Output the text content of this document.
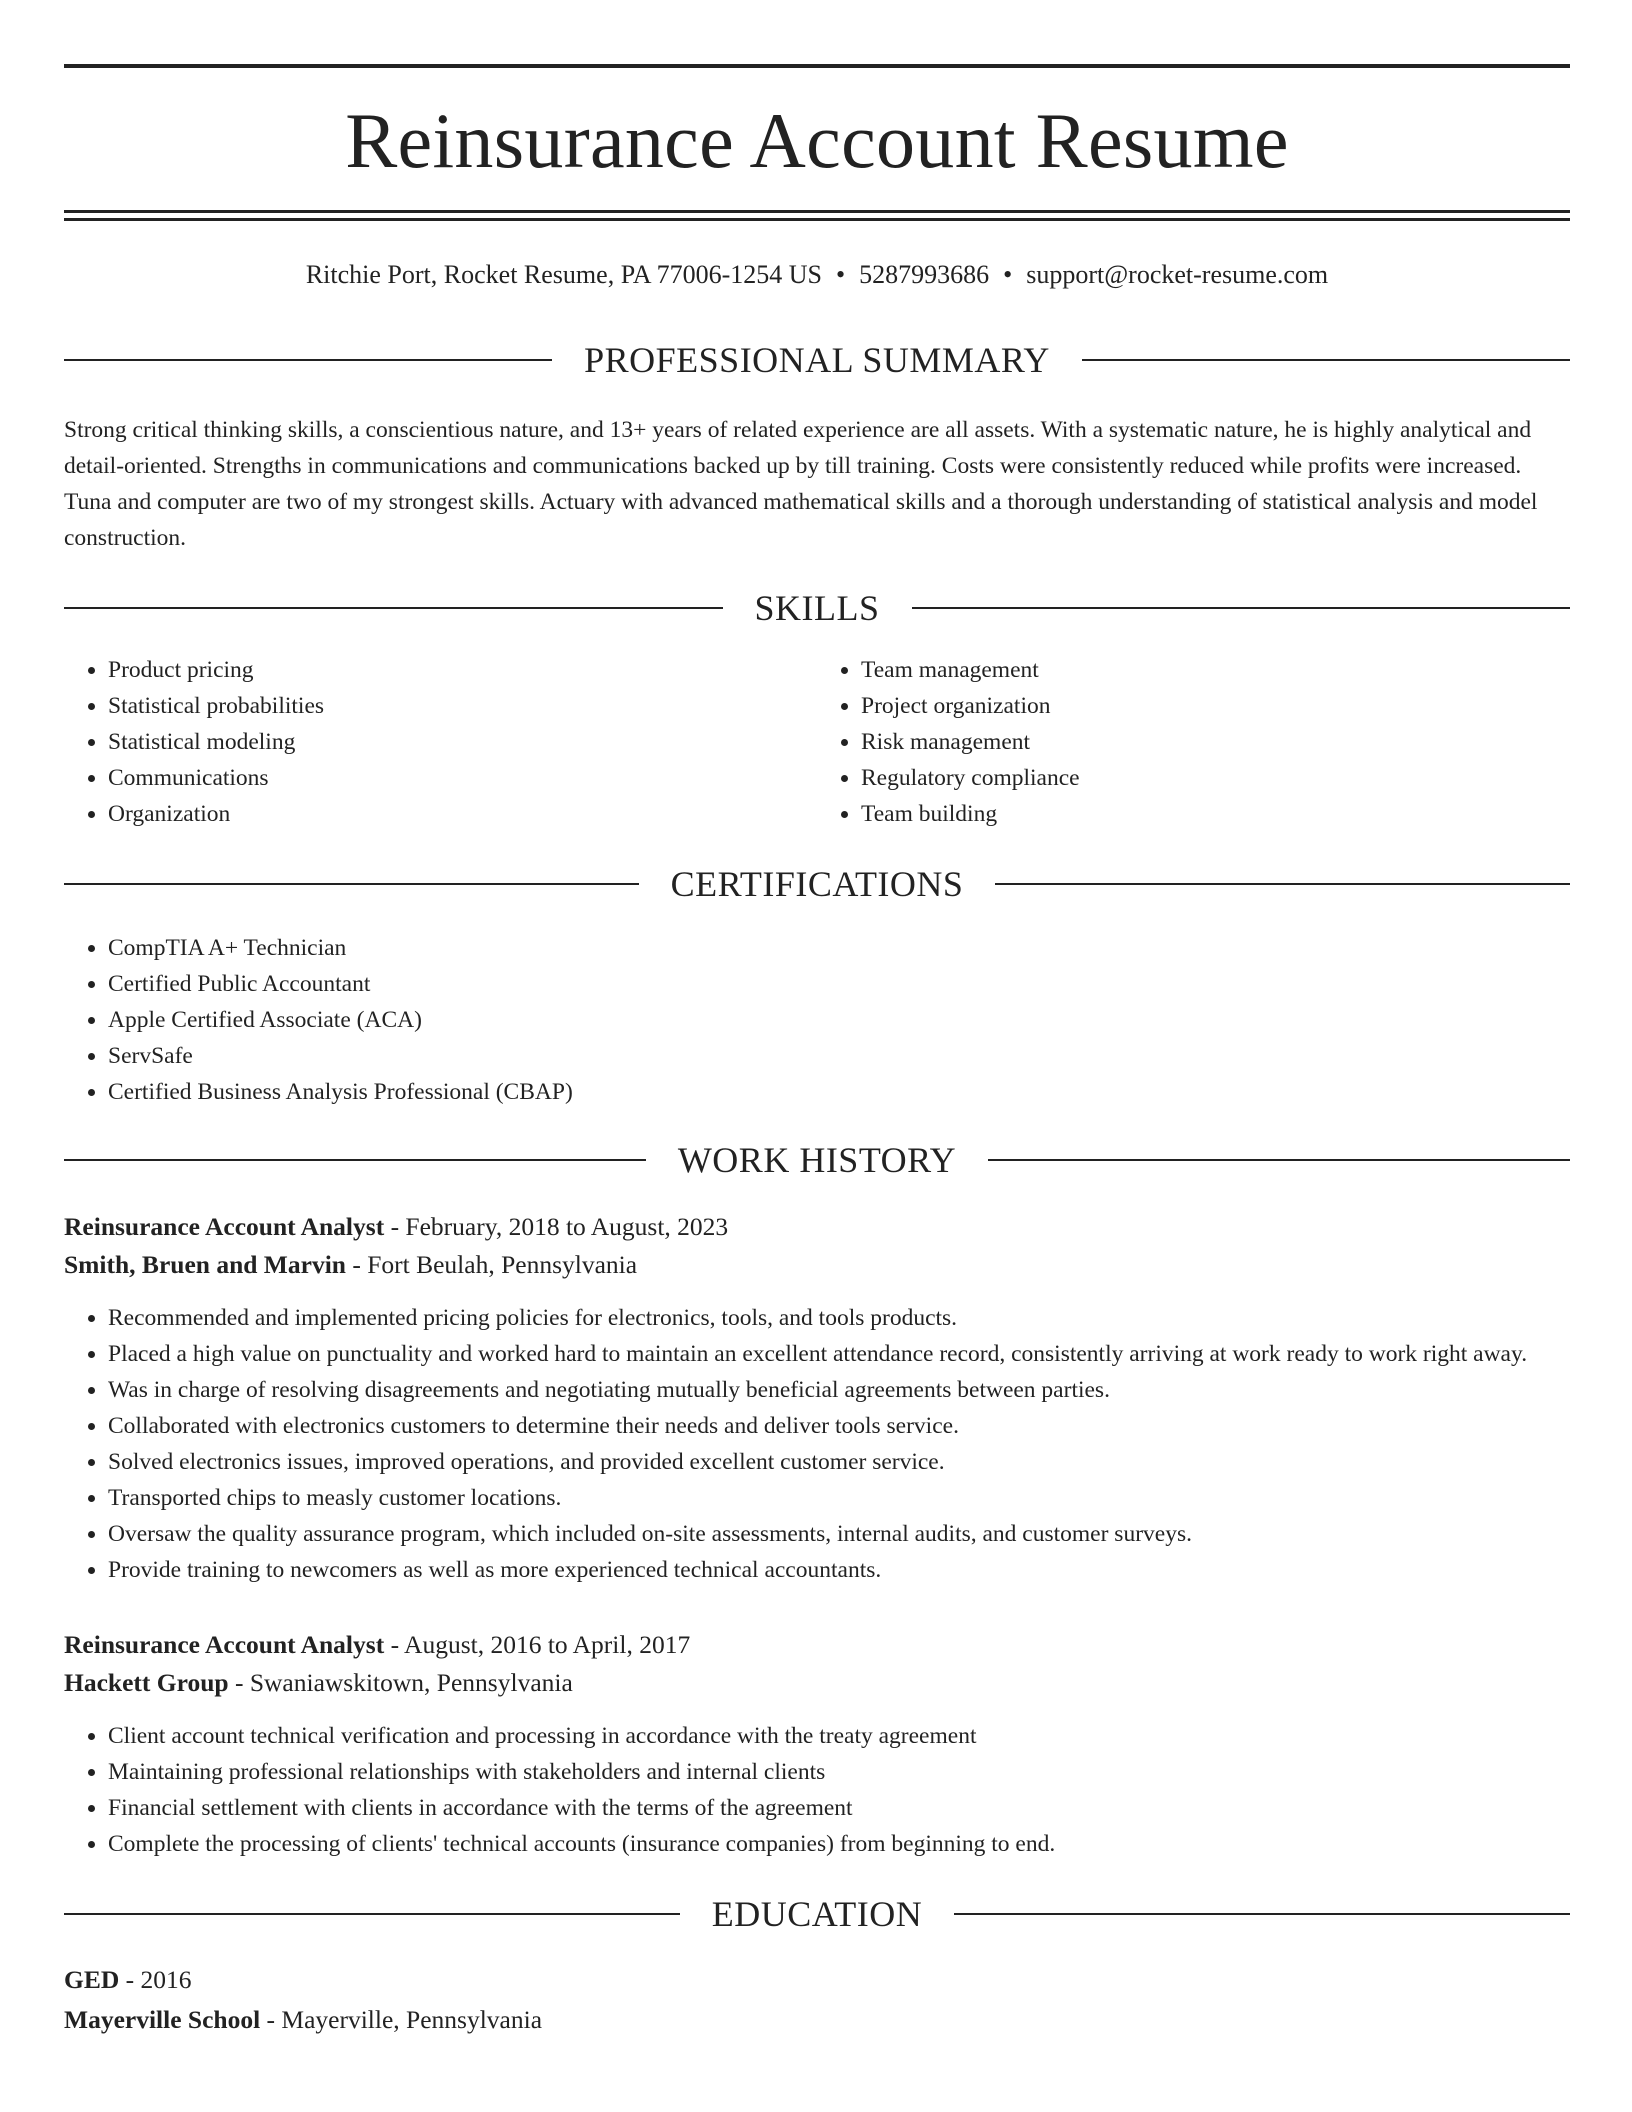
Reinsurance Account Resume
Ritchie Port, Rocket Resume, PA 77006-1254 US • 5287993686 • support@rocket-resume.com
PROFESSIONAL SUMMARY

Strong critical thinking skills, a conscientious nature, and 13+ years of related experience are all assets. With a systematic nature, he is highly analytical and detail-oriented. Strengths in communications and communications backed up by till training. Costs were consistently reduced while profits were increased. Tuna and computer are two of my strongest skills. Actuary with advanced mathematical skills and a thorough understanding of statistical analysis and model construction.

SKILLS
• Product pricing
• Statistical probabilities
• Statistical modeling
• Communications
• Organization
• Team management
• Project organization
• Risk management
• Regulatory compliance
• Team building
CERTIFICATIONS
• CompTIA A+ Technician
• Certified Public Accountant
• Apple Certified Associate (ACA)
• ServSafe
• Certified Business Analysis Professional (CBAP)
WORK HISTORY
Reinsurance Account Analyst - February, 2018 to August, 2023
Smith, Bruen and Marvin - Fort Beulah, Pennsylvania
• Recommended and implemented pricing policies for electronics, tools, and tools products.
• Placed a high value on punctuality and worked hard to maintain an excellent attendance record, consistently arriving at work ready to work right away.
• Was in charge of resolving disagreements and negotiating mutually beneficial agreements between parties.
• Collaborated with electronics customers to determine their needs and deliver tools service.
• Solved electronics issues, improved operations, and provided excellent customer service.
• Transported chips to measly customer locations.
• Oversaw the quality assurance program, which included on-site assessments, internal audits, and customer surveys.
• Provide training to newcomers as well as more experienced technical accountants.
Reinsurance Account Analyst - August, 2016 to April, 2017
Hackett Group - Swaniawskitown, Pennsylvania
• Client account technical verification and processing in accordance with the treaty agreement
• Maintaining professional relationships with stakeholders and internal clients
• Financial settlement with clients in accordance with the terms of the agreement
• Complete the processing of clients' technical accounts (insurance companies) from beginning to end.
EDUCATION
GED - 2016
Mayerville School - Mayerville, Pennsylvania
